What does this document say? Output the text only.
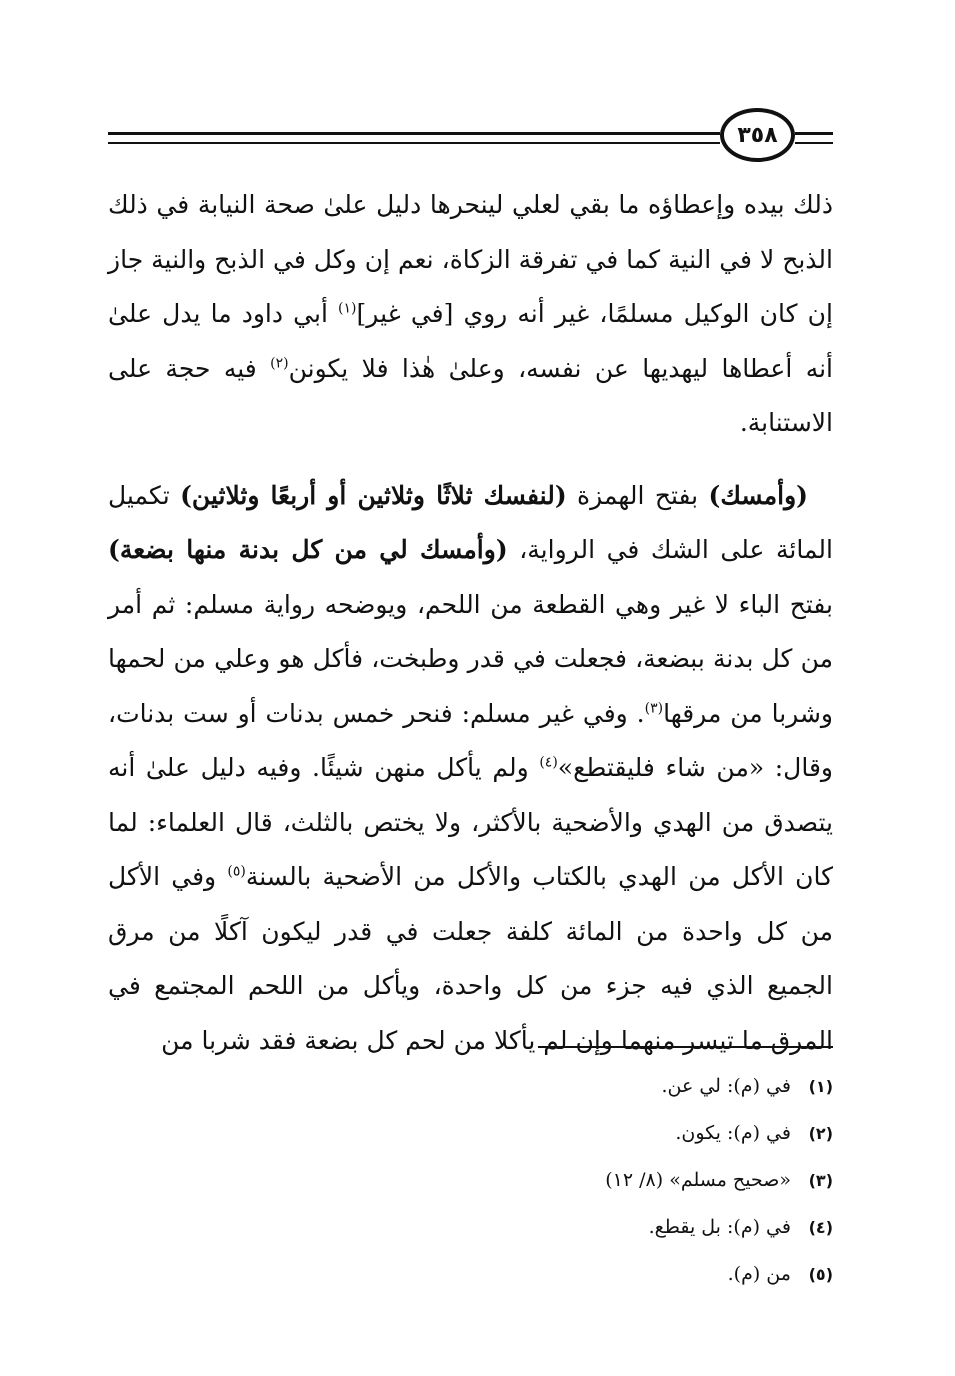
٣٥٨

ذلك بيده وإعطاؤه ما بقي لعلي لينحرها دليل علىٰ صحة النيابة في ذلك الذبح لا في النية كما في تفرقة الزكاة، نعم إن وكل في الذبح والنية جاز إن كان الوكيل مسلمًا، غير أنه روي [في غير]$^{(١)}$ أبي داود ما يدل علىٰ أنه أعطاها ليهديها عن نفسه، وعلىٰ هٰذا فلا يكونن$^{(٢)}$ فيه حجة على الاستنابة.

(وأمسك) بفتح الهمزة (لنفسك ثلاثًا وثلاثين أو أربعًا وثلاثين) تكميل المائة على الشك في الرواية، (وأمسك لي من كل بدنة منها بضعة) بفتح الباء لا غير وهي القطعة من اللحم، ويوضحه رواية مسلم: ثم أمر من كل بدنة ببضعة، فجعلت في قدر وطبخت، فأكل هو وعلي من لحمها وشربا من مرقها$^{(٣)}$. وفي غير مسلم: فنحر خمس بدنات أو ست بدنات، وقال: «من شاء فليقتطع»$^{(٤)}$ ولم يأكل منهن شيئًا. وفيه دليل علىٰ أنه يتصدق من الهدي والأضحية بالأكثر، ولا يختص بالثلث، قال العلماء: لما كان الأكل من الهدي بالكتاب والأكل من الأضحية بالسنة$^{(٥)}$ وفي الأكل من كل واحدة من المائة كلفة جعلت في قدر ليكون آكلًا من مرق الجميع الذي فيه جزء من كل واحدة، ويأكل من اللحم المجتمع في المرق ما تيسر منهما وإن لم يأكلا من لحم كل بضعة فقد شربا من

(١) في (م): لي عن.
(٢) في (م): يكون.
(٣) «صحيح مسلم» (٨/ ١٢)
(٤) في (م): بل يقطع.
(٥) من (م).
